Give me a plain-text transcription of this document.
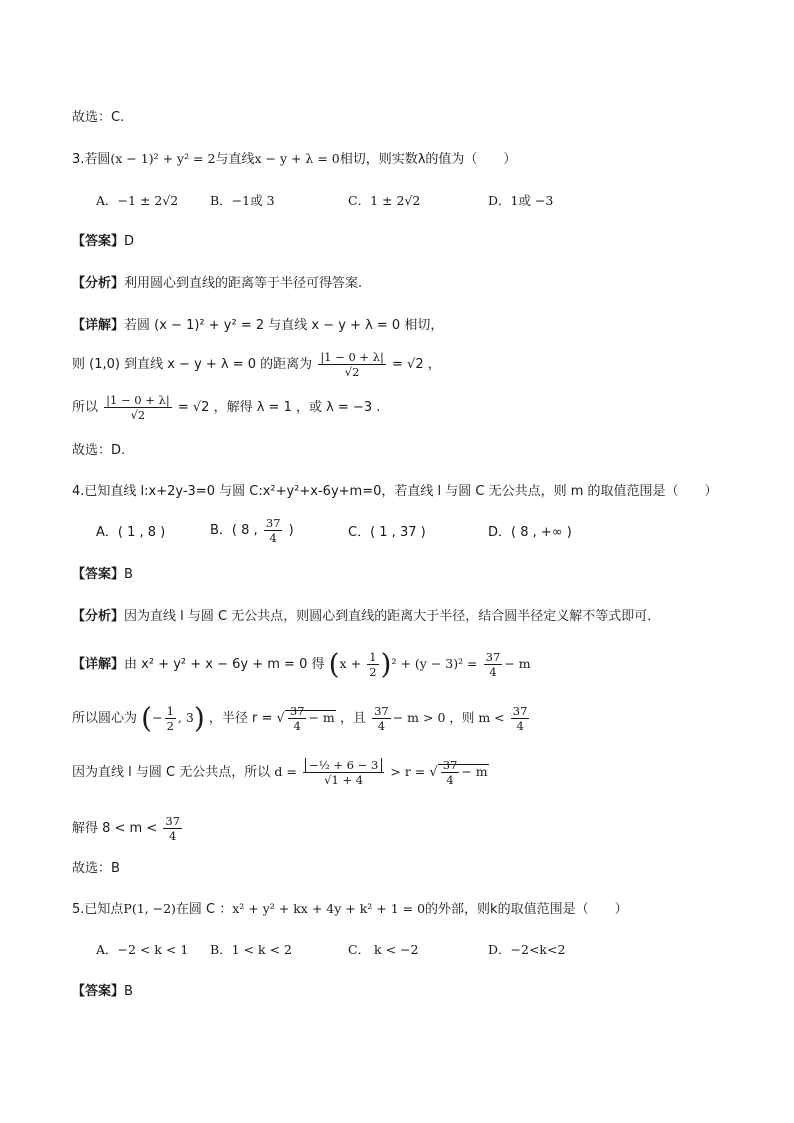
故选：C.
3.若圆(x − 1)² + y² = 2与直线x − y + λ = 0相切，则实数λ的值为（　　）
A．−1 ± 2√2	B．−1或 3	C．1 ± 2√2	D．1或 −3
【答案】D
【分析】利用圆心到直线的距离等于半径可得答案.
【详解】若圆 (x − 1)² + y² = 2 与直线 x − y + λ = 0 相切，
则 (1,0) 到直线 x − y + λ = 0 的距离为 $\frac{|1 - 0 + \lambda|}{√2} = √2$ ，
所以 $\frac{|1 - 0 + \lambda|}{√2} = √2$ ，解得 λ = 1 ，或 λ = −3 .
故选：D.
4.已知直线 l:x+2y-3=0 与圆 C:x²+y²+x-6y+m=0，若直线 l 与圆 C 无公共点，则 m 的取值范围是（　　）
A．( 1 , 8 )	B．( 8 , $\frac{37}{4}$ )	C．( 1 , 37 )	D．( 8 , +∞ )
【答案】B
【分析】因为直线 l 与圆 C 无公共点，则圆心到直线的距离大于半径，结合圆半径定义解不等式即可．
【详解】由 x² + y² + x − 6y + m = 0 得 $(x + \frac{1}{2} )^2 + (y - 3)^2 = \frac{37}{4} - m$
所以圆心为 (− $\frac{1}{2}$ , 3) ，半径 r = √ $\frac{37}{4} - m$ ，且 $\frac{37}{4} - m > 0$ ，则 $m < \frac{37}{4}$
因为直线 l 与圆 C 无公共点，所以 $d = \frac{\text{−½ + 6 − 3}}{√1 + 4} > r$ = √ $\frac{37}{4} - m$
解得 $8 < m < \frac{37}{4}$
故选：B
5.已知点P(1, −2)在圆 C ：x² + y² + kx + 4y + k² + 1 = 0的外部，则k的取值范围是（　　）
A．−2 < k < 1 B．1 < k < 2	C． k < −2	D．−2<k<2
【答案】B
